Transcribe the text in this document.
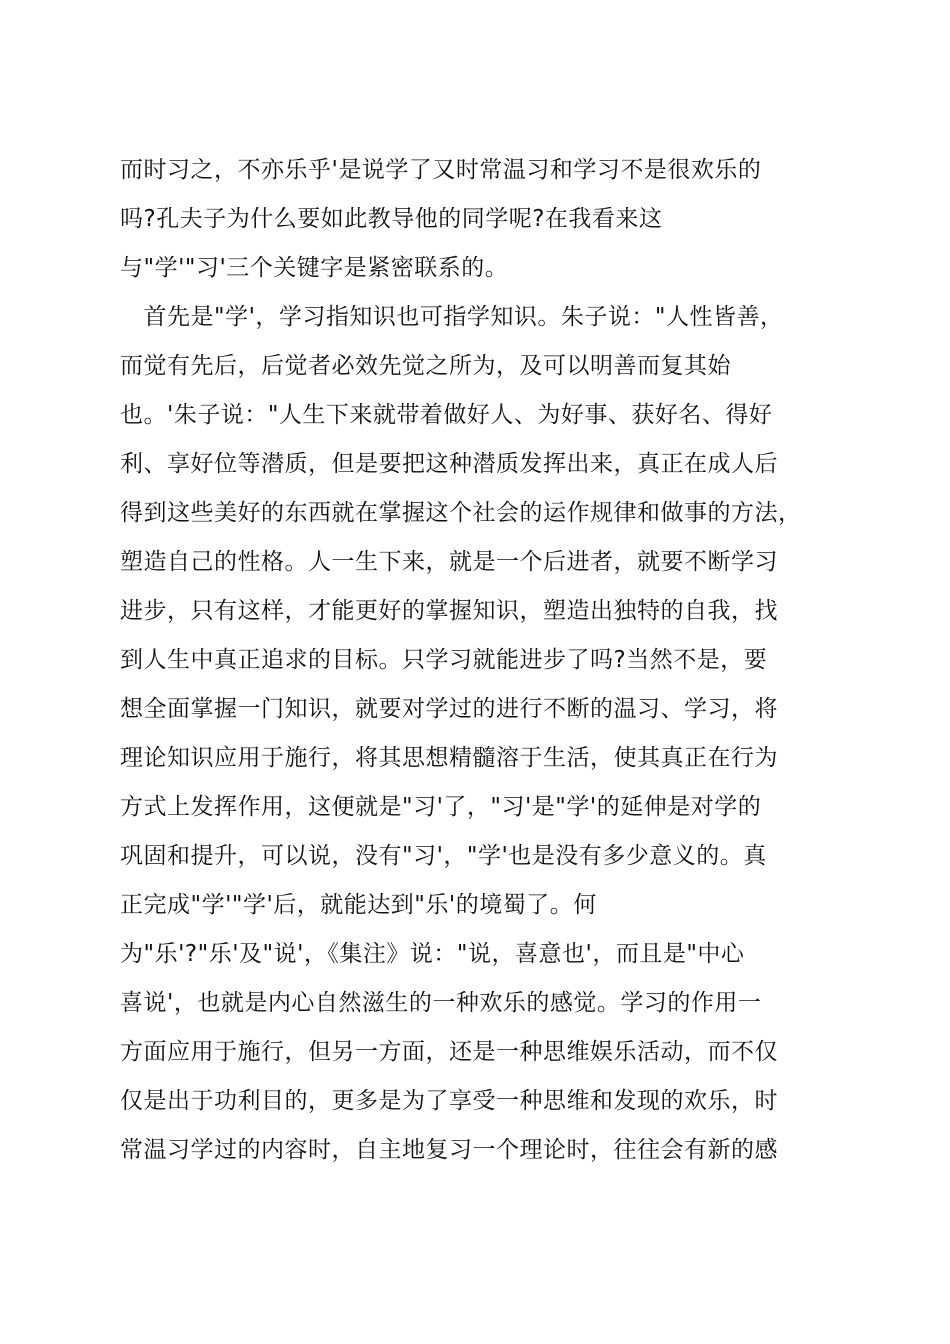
而时习之，不亦乐乎'是说学了又时常温习和学习不是很欢乐的
吗?孔夫子为什么要如此教导他的同学呢?在我看来这
与"学'"习'三个关键字是紧密联系的。
　首先是"学'，学习指知识也可指学知识。朱子说："人性皆善，
而觉有先后，后觉者必效先觉之所为，及可以明善而复其始
也。'朱子说："人生下来就带着做好人、为好事、获好名、得好
利、享好位等潜质，但是要把这种潜质发挥出来，真正在成人后
得到这些美好的东西就在掌握这个社会的运作规律和做事的方法，
塑造自己的性格。人一生下来，就是一个后进者，就要不断学习
进步，只有这样，才能更好的掌握知识，塑造出独特的自我，找
到人生中真正追求的目标。只学习就能进步了吗?当然不是，要
想全面掌握一门知识，就要对学过的进行不断的温习、学习，将
理论知识应用于施行，将其思想精髓溶于生活，使其真正在行为
方式上发挥作用，这便就是"习'了，"习'是"学'的延伸是对学的
巩固和提升，可以说，没有"习'，"学'也是没有多少意义的。真
正完成"学'"学'后，就能达到"乐'的境蜀了。何
为"乐'?"乐'及"说'，《集注》说："说，喜意也'，而且是"中心
喜说'，也就是内心自然滋生的一种欢乐的感觉。学习的作用一
方面应用于施行，但另一方面，还是一种思维娱乐活动，而不仅
仅是出于功利目的，更多是为了享受一种思维和发现的欢乐，时
常温习学过的内容时，自主地复习一个理论时，往往会有新的感
